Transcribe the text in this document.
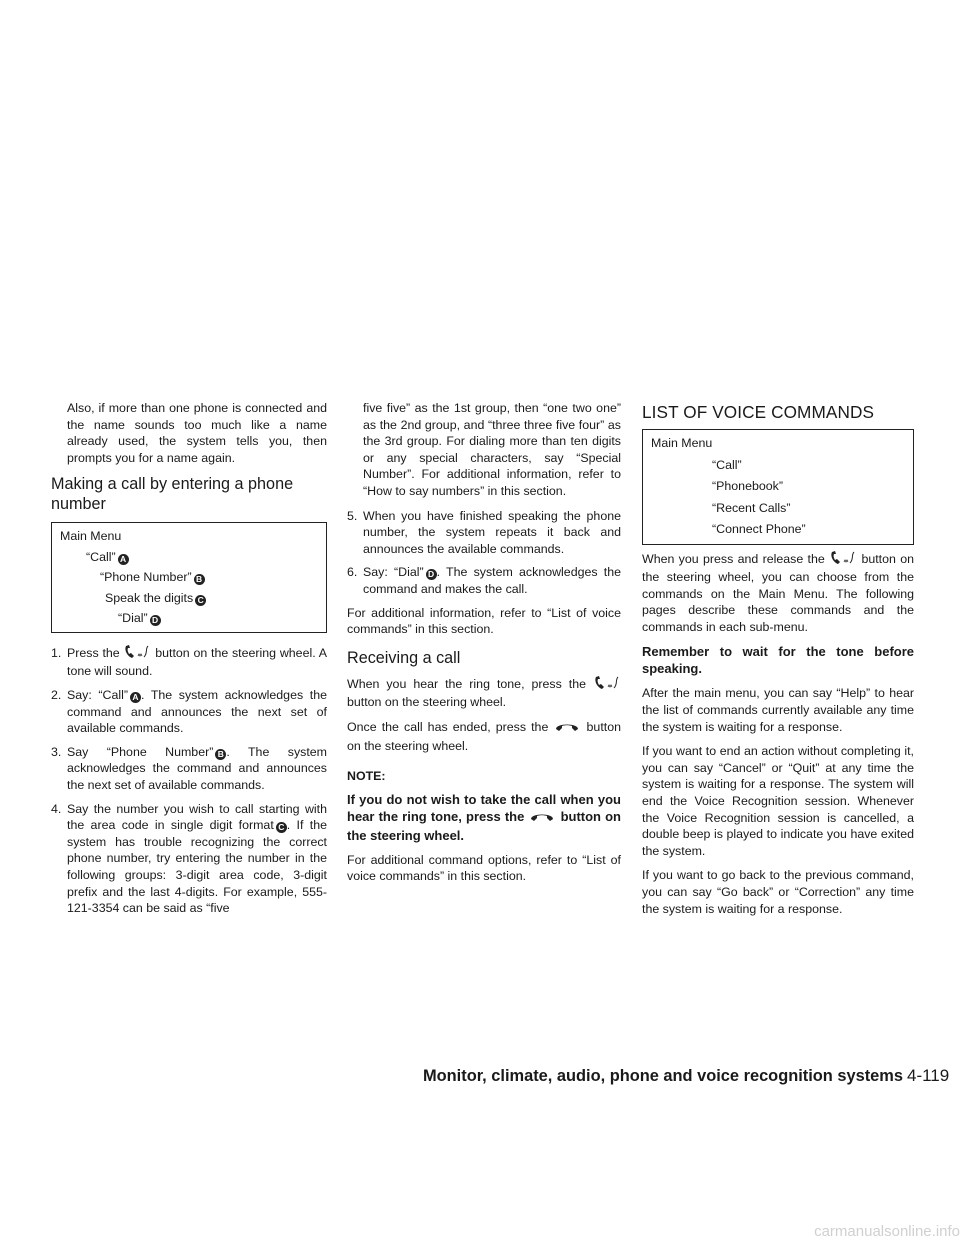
Also, if more than one phone is connected and the name sounds too much like a name already used, the system tells you, then prompts you for a name again.

Making a call by entering a phone number
Main Menu
“Call” A
“Phone Number” B
Speak the digits C
“Dial” D
1. Press the	button on the steering wheel. A tone will sound.
2. Say: “Call” A . The system acknowledges the command and announces the next set of available commands.
3. Say “Phone Number” B . The system acknowledges the command and announces the next set of available commands.
4. Say the number you wish to call starting with the area code in single digit format C . If the system has trouble recognizing the correct phone number, try entering the number in the following groups: 3-digit area code, 3-digit prefix and the last 4-digits. For example, 555-121-3354 can be said as “five

five five” as the 1st group, then “one two one” as the 2nd group, and “three three five four” as the 3rd group. For dialing more than ten digits or any special characters, say “Special Number”. For additional information, refer to “How to say numbers” in this section.

5. When you have finished speaking the phone number, the system repeats it back and announces the available commands.
6. Say: “Dial” D . The system acknowledges the command and makes the call.

For additional information, refer to “List of voice commands” in this section.

Receiving a call

When you hear the ring tone, press the  button on the steering wheel.

Once the call has ended, press the	button on the steering wheel.

NOTE:

If you do not wish to take the call when you hear the ring tone, press the	button on the steering wheel.

For additional command options, refer to “List of voice commands” in this section.

LIST OF VOICE COMMANDS
Main Menu
“Call”
“Phonebook”
“Recent Calls”
“Connect Phone”

When you press and release the	button on the steering wheel, you can choose from the commands on the Main Menu. The following pages describe these commands and the commands in each sub-menu.

Remember to wait for the tone before speaking.

After the main menu, you can say “Help” to hear the list of commands currently available any time the system is waiting for a response.

If you want to end an action without completing it, you can say “Cancel” or “Quit” at any time the system is waiting for a response. The system will end the Voice Recognition session. Whenever the Voice Recognition session is cancelled, a double beep is played to indicate you have exited the system.

If you want to go back to the previous command, you can say “Go back” or “Correction” any time the system is waiting for a response.

Monitor, climate, audio, phone and voice recognition systems 4-119
carmanualsonline.info
